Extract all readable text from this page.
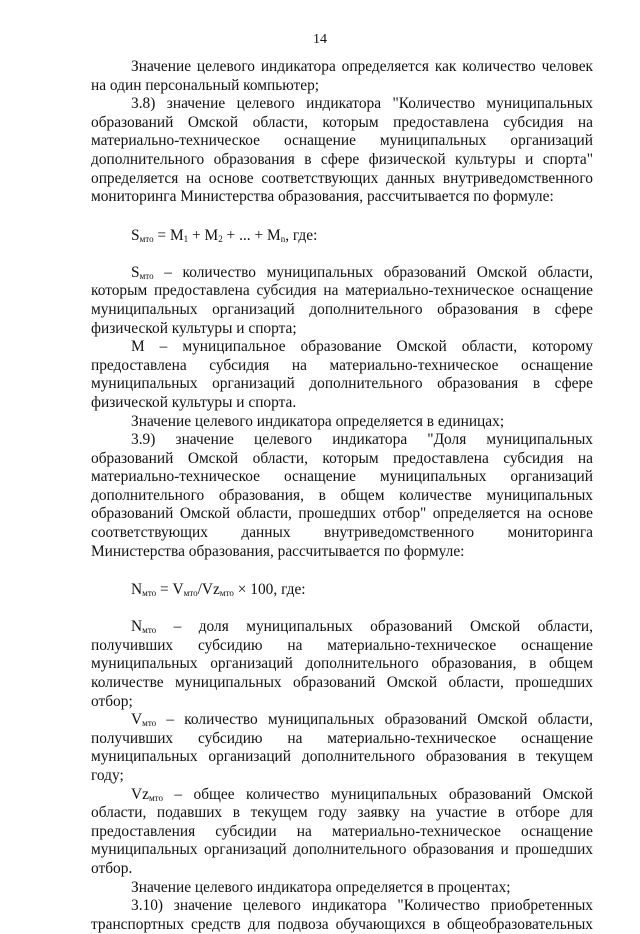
14

Значение целевого индикатора определяется как количество человек на один персональный компьютер;

3.8) значение целевого индикатора "Количество муниципальных образований Омской области, которым предоставлена субсидия на материально-техническое оснащение муниципальных организаций дополнительного образования в сфере физической культуры и спорта" определяется на основе соответствующих данных внутриведомственного мониторинга Министерства образования, рассчитывается по формуле:

$S_{мто} = M_1 + M_2$ + ... + $M_n$, где:

$S_{мто}$ – количество муниципальных образований Омской области, которым предоставлена субсидия на материально-техническое оснащение муниципальных организаций дополнительного образования в сфере физической культуры и спорта;

М – муниципальное образование Омской области, которому предоставлена субсидия на материально-техническое оснащение муниципальных организаций дополнительного образования в сфере физической культуры и спорта.

Значение целевого индикатора определяется в единицах;

3.9) значение целевого индикатора "Доля муниципальных образований Омской области, которым предоставлена субсидия на материально-техническое оснащение муниципальных организаций дополнительного образования, в общем количестве муниципальных образований Омской области, прошедших отбор" определяется на основе соответствующих данных внутриведомственного мониторинга Министерства образования, рассчитывается по формуле:

$N_{мто} = V_{мто}/Vz_{мто} \times 100$, где:

$N_{мто}$ – доля муниципальных образований Омской области, получивших субсидию на материально-техническое оснащение муниципальных организаций дополнительного образования, в общем количестве муниципальных образований Омской области, прошедших отбор;

$V_{мто}$ – количество муниципальных образований Омской области, получивших субсидию на материально-техническое оснащение муниципальных организаций дополнительного образования в текущем году;

$Vz_{мто}$ – общее количество муниципальных образований Омской области, подавших в текущем году заявку на участие в отборе для предоставления субсидии на материально-техническое оснащение муниципальных организаций дополнительного образования и прошедших отбор.

Значение целевого индикатора определяется в процентах;

3.10) значение целевого индикатора "Количество приобретенных транспортных средств для подвоза обучающихся в общеобразовательных
